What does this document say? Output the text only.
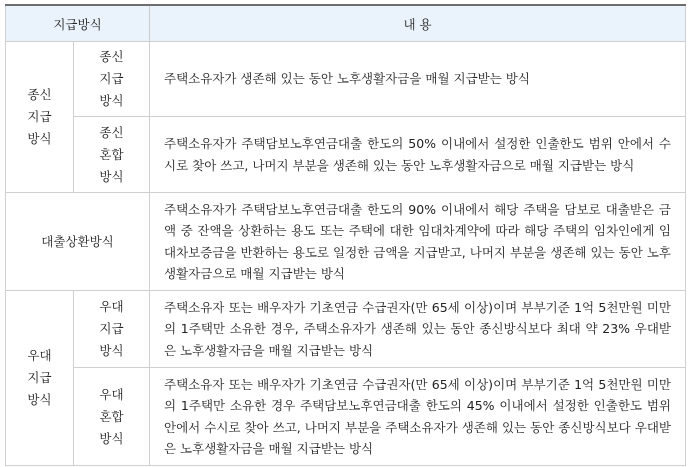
지급방식		내 용
종신
지급
방식	종신
지급
방식	주택소유자가 생존해 있는 동안 노후생활자금을 매월 지급받는 방식
	종신
혼합
방식	주택소유자가 주택담보노후연금대출 한도의 50% 이내에서 설정한 인출한도 범위 안에서 수시로 찾아 쓰고, 나머지 부분을 생존해 있는 동안 노후생활자금으로 매월 지급받는 방식
대출상환방식		주택소유자가 주택담보노후연금대출 한도의 90% 이내에서 해당 주택을 담보로 대출받은 금액 중 잔액을 상환하는 용도 또는 주택에 대한 임대차계약에 따라 해당 주택의 임차인에게 임대차보증금을 반환하는 용도로 일정한 금액을 지급받고, 나머지 부분을 생존해 있는 동안 노후생활자금으로 매월 지급받는 방식
우대
지급
방식	우대
지급
방식	주택소유자 또는 배우자가 기초연금 수급권자(만 65세 이상)이며 부부기준 1억 5천만원 미만의 1주택만 소유한 경우, 주택소유자가 생존해 있는 동안 종신방식보다 최대 약 23% 우대받은 노후생활자금을 매월 지급받는 방식
	우대
혼합
방식	주택소유자 또는 배우자가 기초연금 수급권자(만 65세 이상)이며 부부기준 1억 5천만원 미만의 1주택만 소유한 경우 주택담보노후연금대출 한도의 45% 이내에서 설정한 인출한도 범위 안에서 수시로 찾아 쓰고, 나머지 부분을 주택소유자가 생존해 있는 동안 종신방식보다 우대받은 노후생활자금을 매월 지급받는 방식
